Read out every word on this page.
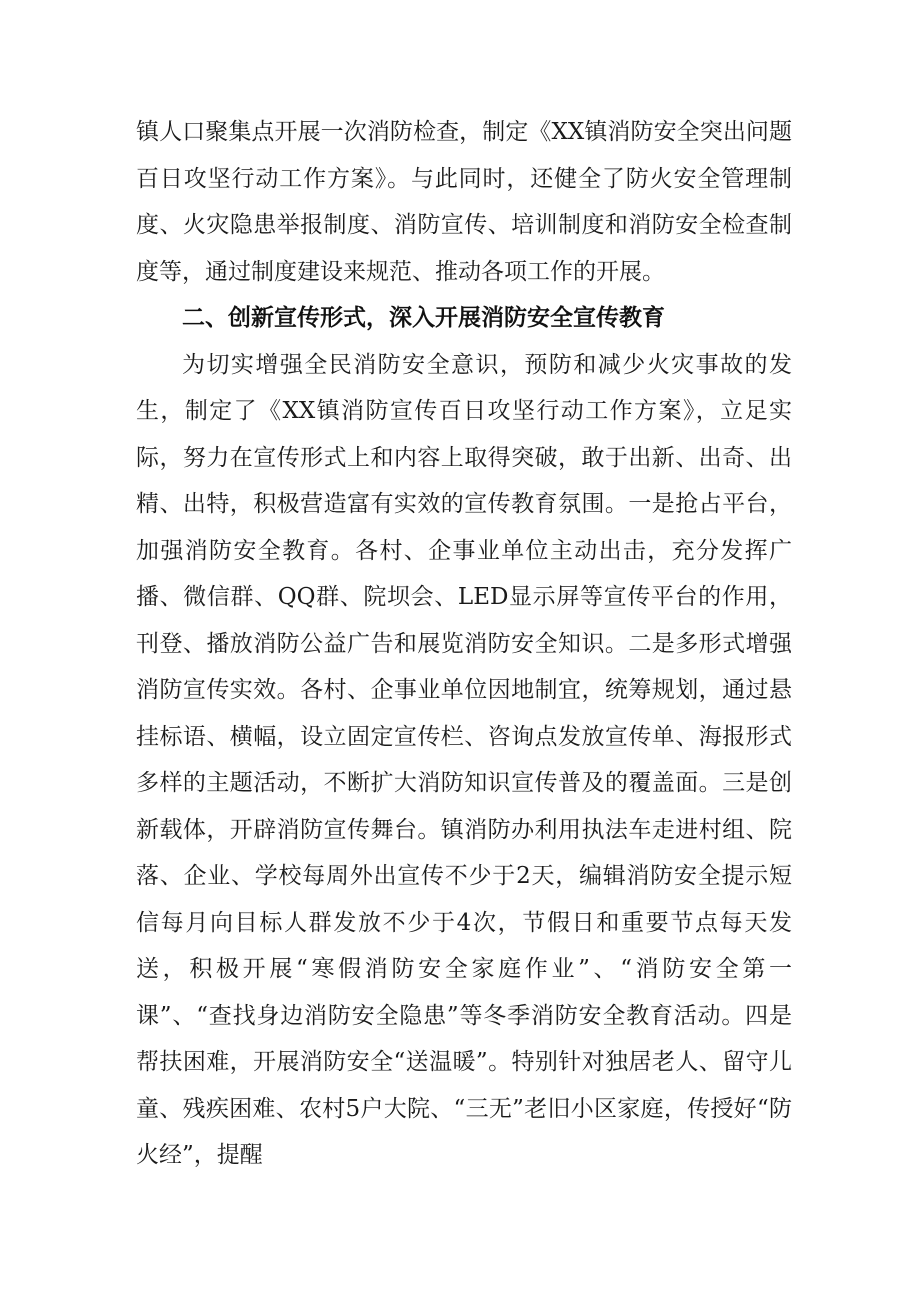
镇人口聚集点开展一次消防检查，制定《XX镇消防安全突出问题百日攻坚行动工作方案》。与此同时，还健全了防火安全管理制度、火灾隐患举报制度、消防宣传、培训制度和消防安全检查制度等，通过制度建设来规范、推动各项工作的开展。

二、创新宣传形式，深入开展消防安全宣传教育

为切实增强全民消防安全意识，预防和减少火灾事故的发生，制定了《XX镇消防宣传百日攻坚行动工作方案》，立足实际，努力在宣传形式上和内容上取得突破，敢于出新、出奇、出精、出特，积极营造富有实效的宣传教育氛围。一是抢占平台，加强消防安全教育。各村、企事业单位主动出击，充分发挥广播、微信群、QQ群、院坝会、LED显示屏等宣传平台的作用，刊登、播放消防公益广告和展览消防安全知识。二是多形式增强消防宣传实效。各村、企事业单位因地制宜，统筹规划，通过悬挂标语、横幅，设立固定宣传栏、咨询点发放宣传单、海报形式多样的主题活动，不断扩大消防知识宣传普及的覆盖面。三是创新载体，开辟消防宣传舞台。镇消防办利用执法车走进村组、院落、企业、学校每周外出宣传不少于2天，编辑消防安全提示短信每月向目标人群发放不少于4次，节假日和重要节点每天发送，积极开展“寒假消防安全家庭作业”、“消防安全第一课”、“查找身边消防安全隐患”等冬季消防安全教育活动。四是帮扶困难，开展消防安全“送温暖”。特别针对独居老人、留守儿童、残疾困难、农村5户大院、“三无”老旧小区家庭，传授好“防火经”，提醒
